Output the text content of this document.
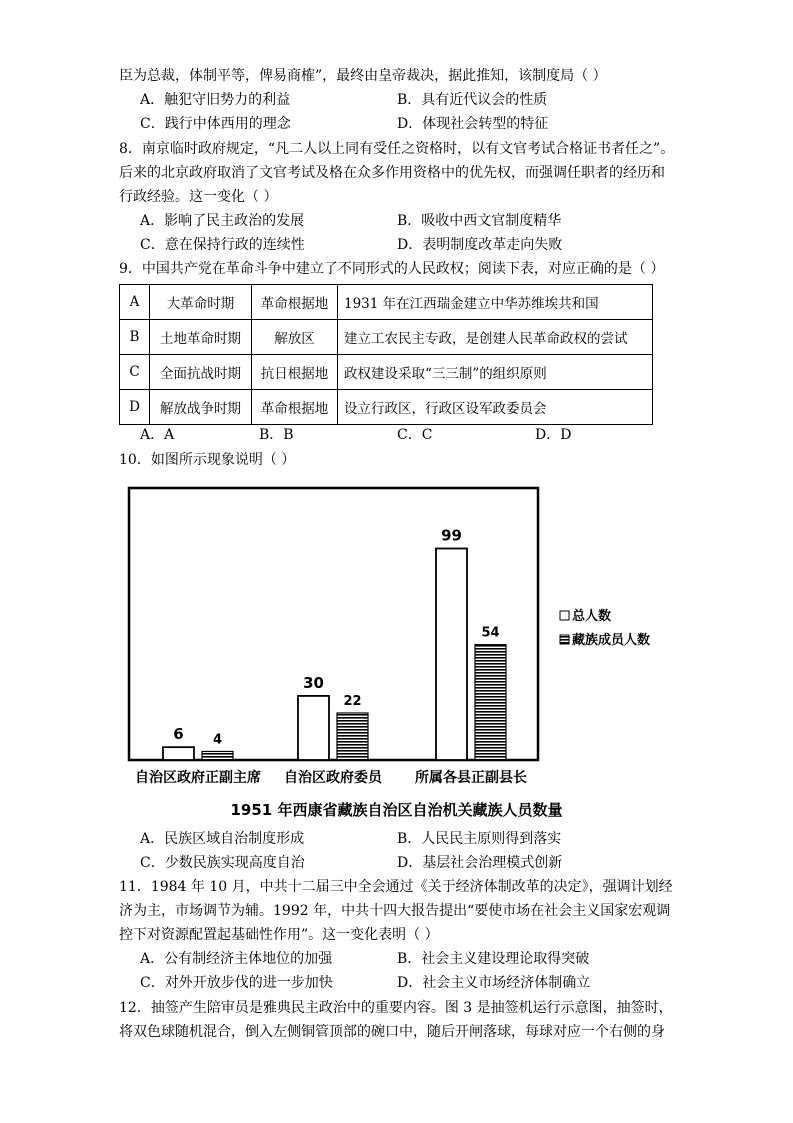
臣为总裁，体制平等，俾易商榷”，最终由皇帝裁决，据此推知，该制度局（ ）
A．触犯守旧势力的利益	B．具有近代议会的性质
C．践行中体西用的理念	D．体现社会转型的特征
8．南京临时政府规定，“凡二人以上同有受任之资格时，以有文官考试合格证书者任之”。
后来的北京政府取消了文官考试及格在众多作用资格中的优先权，而强调任职者的经历和
行政经验。这一变化（ ）
A．影响了民主政治的发展	B．吸收中西文官制度精华
C．意在保持行政的连续性	D．表明制度改革走向失败
9．中国共产党在革命斗争中建立了不同形式的人民政权；阅读下表，对应正确的是（ ）
A	大革命时期	革命根据地	1931 年在江西瑞金建立中华苏维埃共和国
B	土地革命时期	解放区	建立工农民主专政，是创建人民革命政权的尝试
C	全面抗战时期	抗日根据地	政权建设采取“三三制”的组织原则
D	解放战争时期	革命根据地	设立行政区，行政区设军政委员会
A．A	B．B	C．C	D．D
10．如图所示现象说明（ ）
6 4
自治区政府正副主席
30
22
自治区政府委员
99
54
所属各县正副县长
总人数
藏族成员人数
1951 年西康省藏族自治区自治机关藏族人员数量
A．民族区域自治制度形成	B．人民民主原则得到落实
C．少数民族实现高度自治	D．基层社会治理模式创新
11．1984 年 10 月，中共十二届三中全会通过《关于经济体制改革的决定》，强调计划经
济为主，市场调节为辅。1992 年，中共十四大报告提出“要使市场在社会主义国家宏观调
控下对资源配置起基础性作用”。这一变化表明（ ）
A．公有制经济主体地位的加强	B．社会主义建设理论取得突破
C．对外开放步伐的进一步加快	D．社会主义市场经济体制确立
12．抽签产生陪审员是雅典民主政治中的重要内容。图 3 是抽签机运行示意图，抽签时，
将双色球随机混合，倒入左侧铜管顶部的碗口中，随后开闸落球，每球对应一个右侧的身
